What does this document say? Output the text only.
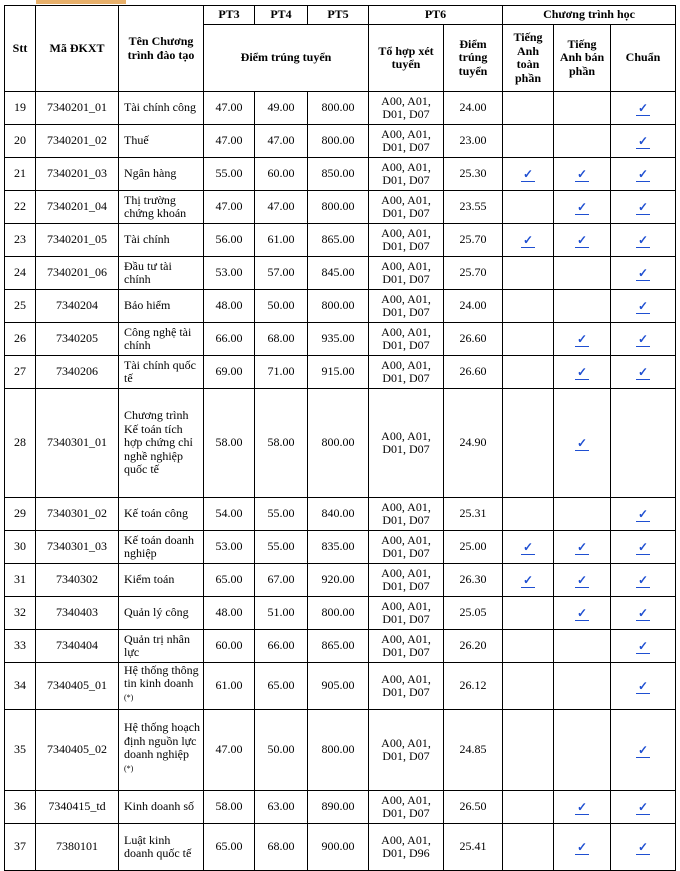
Stt	Mã ĐKXT	Tên Chương trình đào tạo	PT3	PT4	PT5	PT6		Chương trình học		
			Điểm trúng tuyển			Tổ hợp xét tuyển	Điểm trúng tuyển	Tiếng Anh toàn phần	Tiếng Anh bán phần	Chuẩn
19	7340201_01	Tài chính công	47.00	49.00	800.00	A00, A01, D01, D07	24.00			✓
20	7340201_02	Thuế	47.00	47.00	800.00	A00, A01, D01, D07	23.00			✓
21	7340201_03	Ngân hàng	55.00	60.00	850.00	A00, A01, D01, D07	25.30	✓	✓	✓
22	7340201_04	Thị trường chứng khoán	47.00	47.00	800.00	A00, A01, D01, D07	23.55		✓	✓
23	7340201_05	Tài chính	56.00	61.00	865.00	A00, A01, D01, D07	25.70	✓	✓	✓
24	7340201_06	Đầu tư tài chính	53.00	57.00	845.00	A00, A01, D01, D07	25.70			✓
25	7340204	Bảo hiểm	48.00	50.00	800.00	A00, A01, D01, D07	24.00			✓
26	7340205	Công nghệ tài chính	66.00	68.00	935.00	A00, A01, D01, D07	26.60		✓	✓
27	7340206	Tài chính quốc tế	69.00	71.00	915.00	A00, A01, D01, D07	26.60		✓	✓
28	7340301_01	Chương trình Kế toán tích hợp chứng chỉ nghề nghiệp quốc tế	58.00	58.00	800.00	A00, A01, D01, D07	24.90		✓	
29	7340301_02	Kế toán công	54.00	55.00	840.00	A00, A01, D01, D07	25.31			✓
30	7340301_03	Kế toán doanh nghiệp	53.00	55.00	835.00	A00, A01, D01, D07	25.00	✓	✓	✓
31	7340302	Kiểm toán	65.00	67.00	920.00	A00, A01, D01, D07	26.30	✓	✓	✓
32	7340403	Quản lý công	48.00	51.00	800.00	A00, A01, D01, D07	25.05		✓	✓
33	7340404	Quản trị nhân lực	60.00	66.00	865.00	A00, A01, D01, D07	26.20			✓
34	7340405_01	Hệ thống thông tin kinh doanh (*)	61.00	65.00	905.00	A00, A01, D01, D07	26.12			✓
35	7340405_02	Hệ thống hoạch định nguồn lực doanh nghiệp (*)	47.00	50.00	800.00	A00, A01, D01, D07	24.85			✓
36	7340415_td	Kinh doanh số	58.00	63.00	890.00	A00, A01, D01, D07	26.50		✓	✓
37	7380101	Luật kinh doanh quốc tế	65.00	68.00	900.00	A00, A01, D01, D96	25.41		✓	✓
